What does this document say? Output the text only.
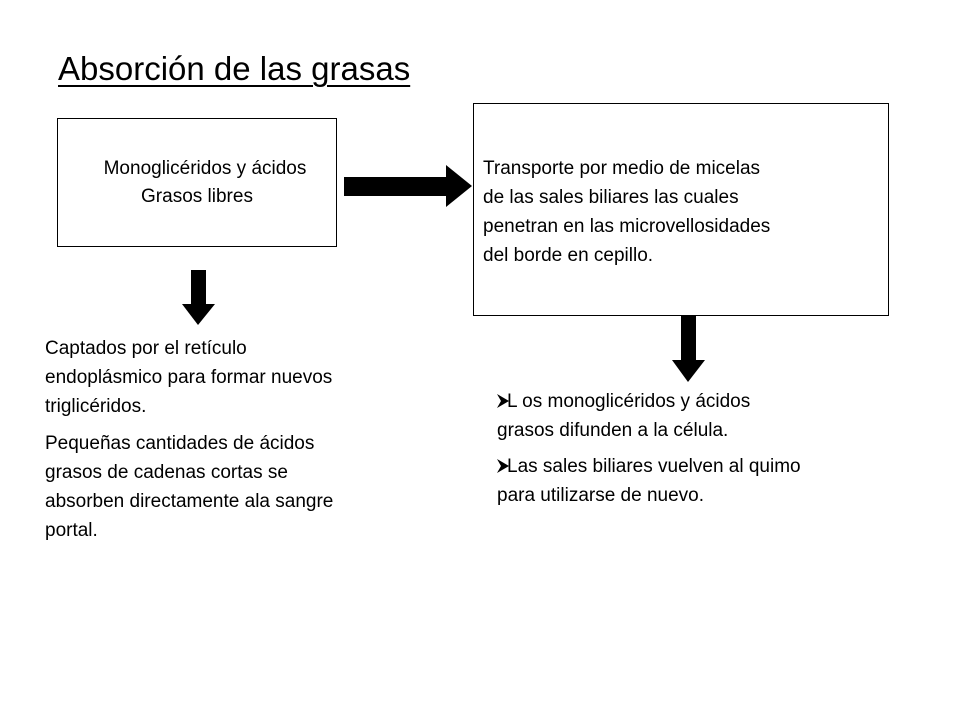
Absorción de las grasas
Monoglicéridos y ácidos
Grasos libres
Transporte por medio de micelas
de las sales biliares las cuales
penetran en las microvellosidades
del borde en cepillo.

Captados por el retículo
endoplásmico para formar nuevos
triglicéridos.

Pequeñas cantidades de ácidos
grasos de cadenas cortas se
absorben directamente ala sangre
portal.

L os monoglicéridos y ácidos
grasos difunden a la célula.

Las sales biliares vuelven al quimo
para utilizarse de nuevo.
